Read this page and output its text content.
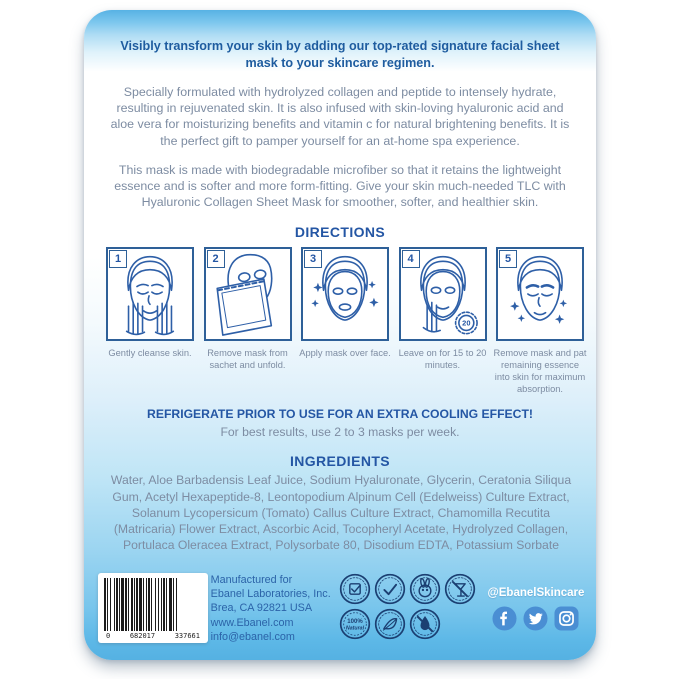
Visibly transform your skin by adding our top-rated signature facial sheet mask to your skincare regimen.
Specially formulated with hydrolyzed collagen and peptide to intensely hydrate, resulting in rejuvenated skin. It is also infused with skin-loving hyaluronic acid and aloe vera for moisturizing benefits and vitamin c for natural brightening benefits. It is the perfect gift to pamper yourself for an at-home spa experience.
This mask is made with biodegradable microfiber so that it retains the lightweight essence and is softer and more form-fitting. Give your skin much-needed TLC with Hyaluronic Collagen Sheet Mask for smoother, softer, and healthier skin.
DIRECTIONS
1
Gently cleanse skin.
2
Remove mask from sachet and unfold.
3
Apply mask over face.
4
20
Leave on for 15 to 20 minutes.
5
Remove mask and pat remaining essence into skin for maximum absorption.
REFRIGERATE PRIOR TO USE FOR AN EXTRA COOLING EFFECT!
For best results, use 2 to 3 masks per week.
INGREDIENTS
Water, Aloe Barbadensis Leaf Juice, Sodium Hyaluronate, Glycerin, Ceratonia Siliqua Gum, Acetyl Hexapeptide-8, Leontopodium Alpinum Cell (Edelweiss) Culture Extract, Solanum Lycopersicum (Tomato) Callus Culture Extract, Chamomilla Recutita (Matricaria) Flower Extract, Ascorbic Acid, Tocopheryl Acetate, Hydrolyzed Collagen, Portulaca Oleracea Extract, Polysorbate 80, Disodium EDTA, Potassium Sorbate
0	682017	337661
Manufactured for
Ebanel Laboratories, Inc.
Brea, CA 92821 USA
www.Ebanel.com
info@ebanel.com
100%
Natural
@EbanelSkincare
